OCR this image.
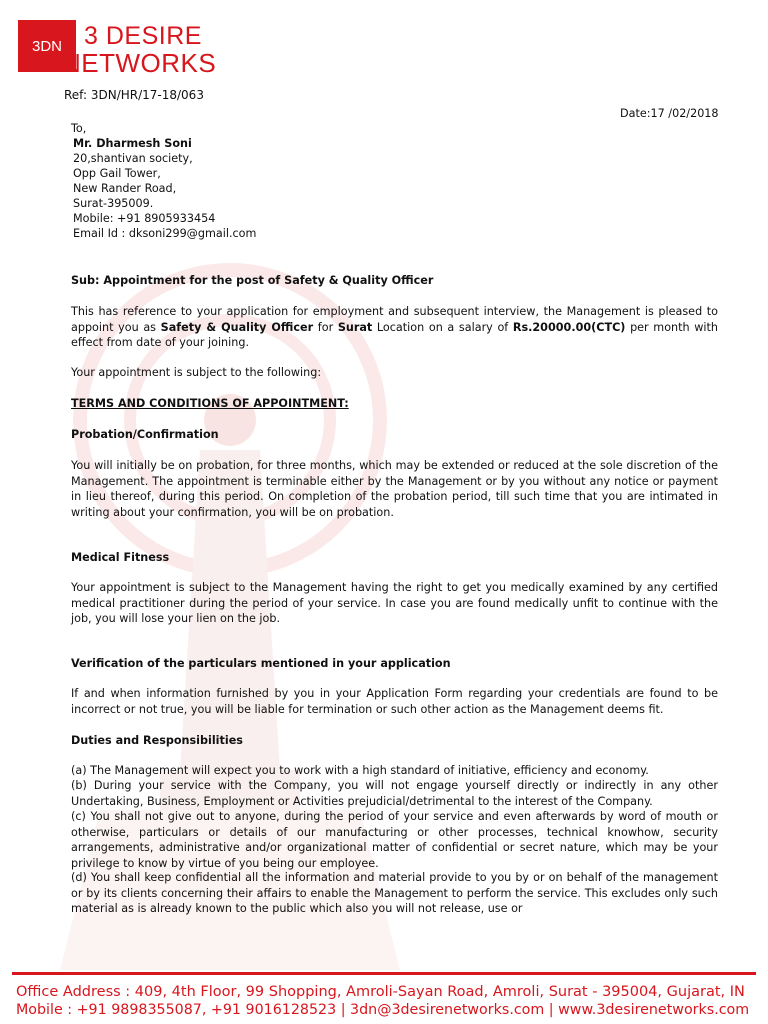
3DN 3 DESIRE
NETWORKS
Ref: 3DN/HR/17-18/063
Date:17 /02/2018
To,
Mr. Dharmesh Soni
20,shantivan society,
Opp Gail Tower,
New Rander Road,
Surat-395009.
Mobile: +91 8905933454
Email Id : dksoni299@gmail.com
Sub: Appointment for the post of Safety & Quality Officer

This has reference to your application for employment and subsequent interview, the Management is pleased to appoint you as Safety & Quality Officer for Surat Location on a salary of Rs.20000.00(CTC) per month with effect from date of your joining.

Your appointment is subject to the following:
TERMS AND CONDITIONS OF APPOINTMENT:
Probation/Confirmation

You will initially be on probation, for three months, which may be extended or reduced at the sole discretion of the Management. The appointment is terminable either by the Management or by you without any notice or payment in lieu thereof, during this period. On completion of the probation period, till such time that you are intimated in writing about your confirmation, you will be on probation.

Medical Fitness

Your appointment is subject to the Management having the right to get you medically examined by any certified medical practitioner during the period of your service. In case you are found medically unfit to continue with the job, you will lose your lien on the job.

Verification of the particulars mentioned in your application

If and when information furnished by you in your Application Form regarding your credentials are found to be incorrect or not true, you will be liable for termination or such other action as the Management deems fit.

Duties and Responsibilities

(a) The Management will expect you to work with a high standard of initiative, efficiency and economy.

(b) During your service with the Company, you will not engage yourself directly or indirectly in any other Undertaking, Business, Employment or Activities prejudicial/detrimental to the interest of the Company.

(c) You shall not give out to anyone, during the period of your service and even afterwards by word of mouth or otherwise, particulars or details of our manufacturing or other processes, technical knowhow, security arrangements, administrative and/or organizational matter of confidential or secret nature, which may be your privilege to know by virtue of you being our employee.

(d) You shall keep confidential all the information and material provide to you by or on behalf of the management or by its clients concerning their affairs to enable the Management to perform the service. This excludes only such material as is already known to the public which also you will not release, use or

Office Address : 409, 4th Floor, 99 Shopping, Amroli-Sayan Road, Amroli, Surat - 395004, Gujarat, IN
Mobile : +91 9898355087, +91 9016128523 | 3dn@3desirenetworks.com | www.3desirenetworks.com
